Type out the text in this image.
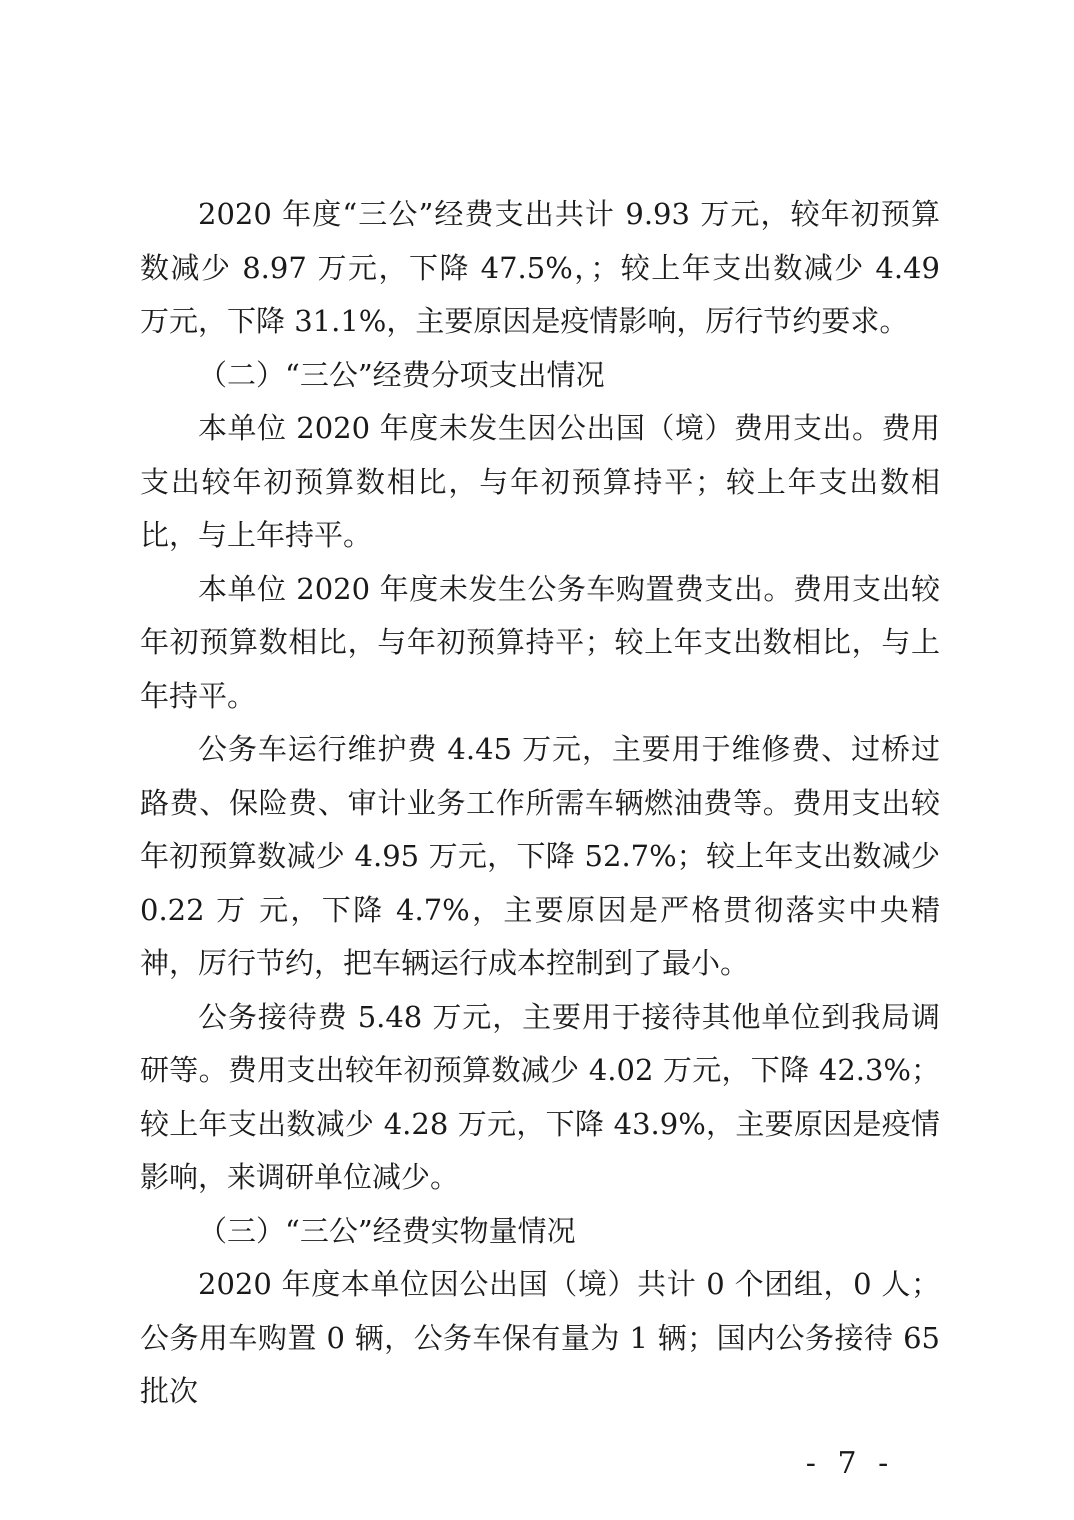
2020 年度“三公”经费支出共计 9.93 万元，较年初预算数减少 8.97 万元，下降 47.5%，；较上年支出数减少 4.49 万元，下降 31.1%，主要原因是疫情影响，厉行节约要求。

（二）“三公”经费分项支出情况

本单位 2020 年度未发生因公出国（境）费用支出。费用支出较年初预算数相比，与年初预算持平；较上年支出数相比，与上年持平。

本单位 2020 年度未发生公务车购置费支出。费用支出较年初预算数相比，与年初预算持平；较上年支出数相比，与上年持平。

公务车运行维护费 4.45 万元，主要用于维修费、过桥过路费、保险费、审计业务工作所需车辆燃油费等。费用支出较年初预算数减少 4.95 万元，下降 52.7%；较上年支出数减少 0.22 万 元，下降 4.7%，主要原因是严格贯彻落实中央精神，厉行节约，把车辆运行成本控制到了最小。

公务接待费 5.48 万元，主要用于接待其他单位到我局调研等。费用支出较年初预算数减少 4.02 万元，下降 42.3%；较上年支出数减少 4.28 万元，下降 43.9%，主要原因是疫情影响，来调研单位减少。

（三）“三公”经费实物量情况

2020 年度本单位因公出国（境）共计 0 个团组，0 人；公务用车购置 0 辆，公务车保有量为 1 辆；国内公务接待 65 批次

- 7 -
